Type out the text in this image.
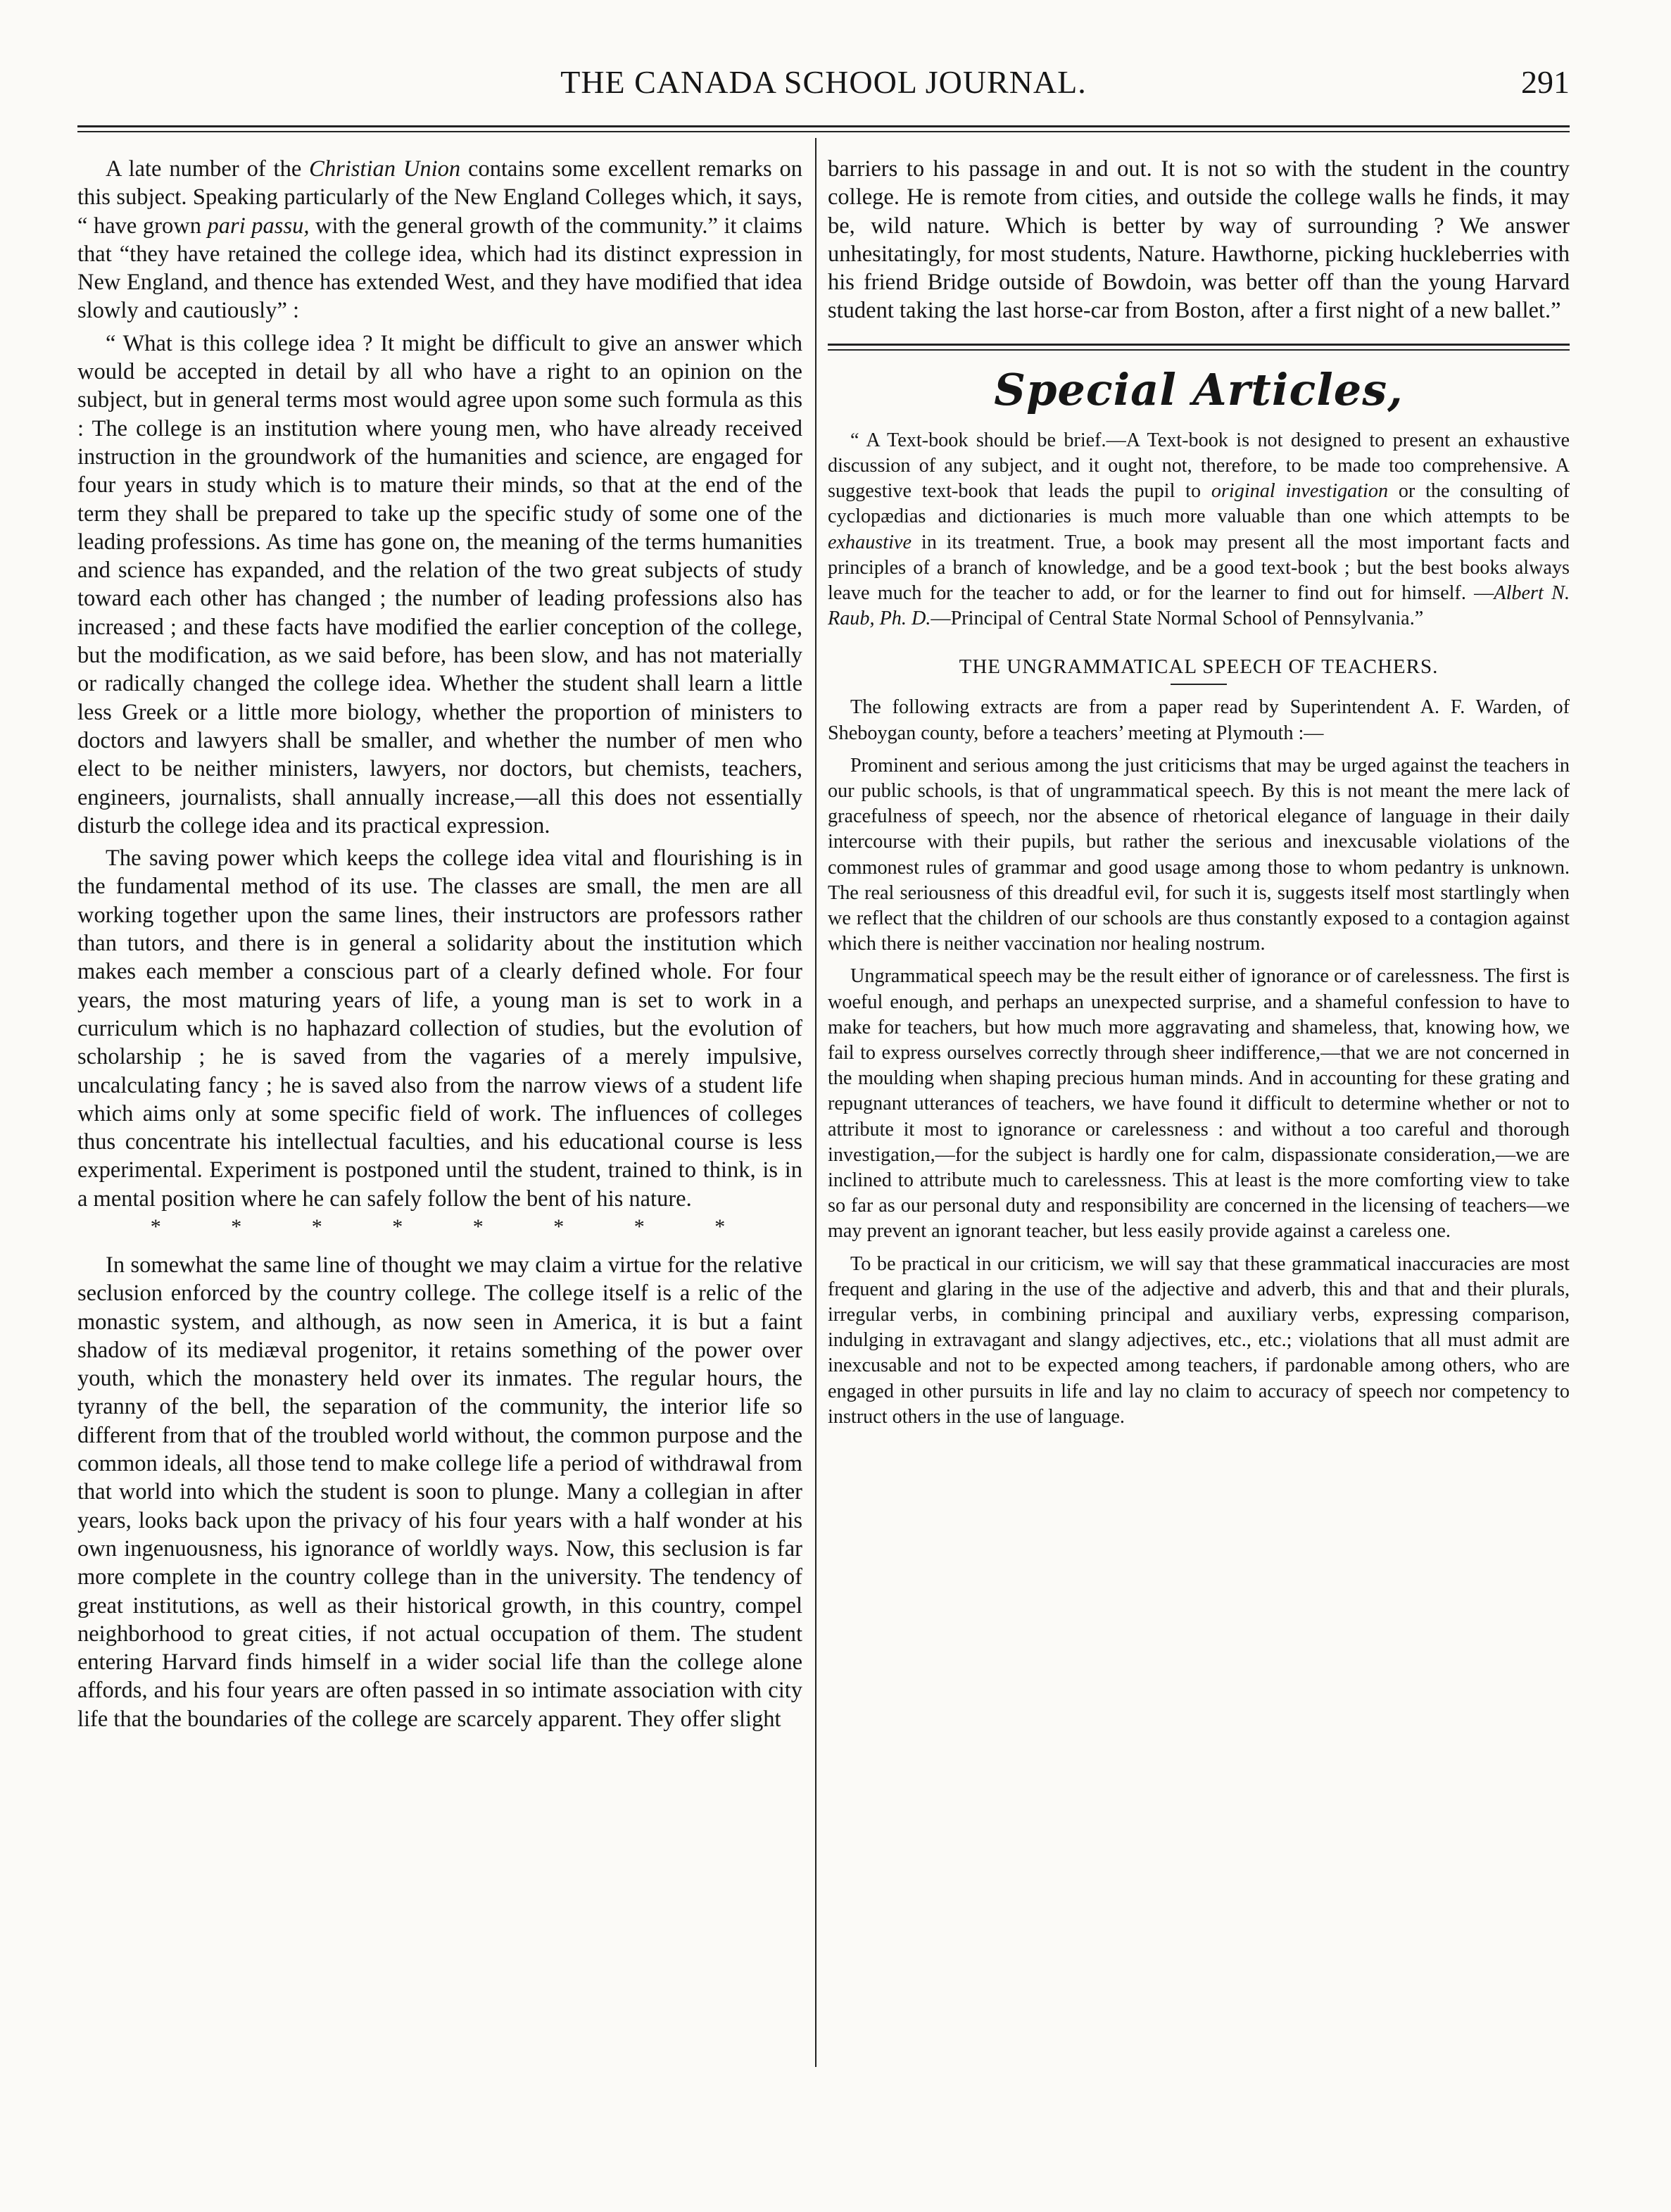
THE CANADA SCHOOL JOURNAL.	291

A late number of the Christian Union contains some excellent remarks on this subject. Speaking particularly of the New England Colleges which, it says, “ have grown pari passu, with the general growth of the community.” it claims that “they have retained the college idea, which had its distinct expression in New England, and thence has extended West, and they have modified that idea slowly and cautiously” :

“ What is this college idea ? It might be difficult to give an answer which would be accepted in detail by all who have a right to an opinion on the subject, but in general terms most would agree upon some such formula as this : The college is an institution where young men, who have already received instruction in the groundwork of the humanities and science, are engaged for four years in study which is to mature their minds, so that at the end of the term they shall be prepared to take up the specific study of some one of the leading professions. As time has gone on, the meaning of the terms humanities and science has expanded, and the relation of the two great subjects of study toward each other has changed ; the number of leading professions also has increased ; and these facts have modified the earlier conception of the college, but the modification, as we said before, has been slow, and has not materially or radically changed the college idea. Whether the student shall learn a little less Greek or a little more biology, whether the proportion of ministers to doctors and lawyers shall be smaller, and whether the number of men who elect to be neither ministers, lawyers, nor doctors, but chemists, teachers, engineers, journalists, shall annually increase,—all this does not essentially disturb the college idea and its practical expression.

The saving power which keeps the college idea vital and flourishing is in the fundamental method of its use. The classes are small, the men are all working together upon the same lines, their instructors are professors rather than tutors, and there is in general a solidarity about the institution which makes each member a conscious part of a clearly defined whole. For four years, the most maturing years of life, a young man is set to work in a curriculum which is no haphazard collection of studies, but the evolution of scholarship ; he is saved from the vagaries of a merely impulsive, uncalculating fancy ; he is saved also from the narrow views of a student life which aims only at some specific field of work. The influences of colleges thus concentrate his intellectual faculties, and his educational course is less experimental. Experiment is postponed until the student, trained to think, is in a mental position where he can safely follow the bent of his nature.

* * * * * * * *

In somewhat the same line of thought we may claim a virtue for the relative seclusion enforced by the country college. The college itself is a relic of the monastic system, and although, as now seen in America, it is but a faint shadow of its mediæval progenitor, it retains something of the power over youth, which the monastery held over its inmates. The regular hours, the tyranny of the bell, the separation of the community, the interior life so different from that of the troubled world without, the common purpose and the common ideals, all those tend to make college life a period of withdrawal from that world into which the student is soon to plunge. Many a collegian in after years, looks back upon the privacy of his four years with a half wonder at his own ingenuousness, his ignorance of worldly ways. Now, this seclusion is far more complete in the country college than in the university. The tendency of great institutions, as well as their historical growth, in this country, compel neighborhood to great cities, if not actual occupation of them. The student entering Harvard finds himself in a wider social life than the college alone affords, and his four years are often passed in so intimate association with city life that the boundaries of the college are scarcely apparent. They offer slight

barriers to his passage in and out. It is not so with the student in the country college. He is remote from cities, and outside the college walls he finds, it may be, wild nature. Which is better by way of surrounding ? We answer unhesitatingly, for most students, Nature. Hawthorne, picking huckleberries with his friend Bridge outside of Bowdoin, was better off than the young Harvard student taking the last horse-car from Boston, after a first night of a new ballet.”

Special Articles,

“ A Text-book should be brief.—A Text-book is not designed to present an exhaustive discussion of any subject, and it ought not, therefore, to be made too comprehensive. A suggestive text-book that leads the pupil to original investigation or the consulting of cyclopædias and dictionaries is much more valuable than one which attempts to be exhaustive in its treatment. True, a book may present all the most important facts and principles of a branch of knowledge, and be a good text-book ; but the best books always leave much for the teacher to add, or for the learner to find out for himself. —Albert N. Raub, Ph. D.—Principal of Central State Normal School of Pennsylvania.”

THE UNGRAMMATICAL SPEECH OF TEACHERS.

The following extracts are from a paper read by Superintendent A. F. Warden, of Sheboygan county, before a teachers’ meeting at Plymouth :—

Prominent and serious among the just criticisms that may be urged against the teachers in our public schools, is that of ungrammatical speech. By this is not meant the mere lack of gracefulness of speech, nor the absence of rhetorical elegance of language in their daily intercourse with their pupils, but rather the serious and inexcusable violations of the commonest rules of grammar and good usage among those to whom pedantry is unknown. The real seriousness of this dreadful evil, for such it is, suggests itself most startlingly when we reflect that the children of our schools are thus constantly exposed to a contagion against which there is neither vaccination nor healing nostrum.

Ungrammatical speech may be the result either of ignorance or of carelessness. The first is woeful enough, and perhaps an unexpected surprise, and a shameful confession to have to make for teachers, but how much more aggravating and shameless, that, knowing how, we fail to express ourselves correctly through sheer indifference,—that we are not concerned in the moulding when shaping precious human minds. And in accounting for these grating and repugnant utterances of teachers, we have found it difficult to determine whether or not to attribute it most to ignorance or carelessness : and without a too careful and thorough investigation,—for the subject is hardly one for calm, dispassionate consideration,—we are inclined to attribute much to carelessness. This at least is the more comforting view to take so far as our personal duty and responsibility are concerned in the licensing of teachers—we may prevent an ignorant teacher, but less easily provide against a careless one.

To be practical in our criticism, we will say that these grammatical inaccuracies are most frequent and glaring in the use of the adjective and adverb, this and that and their plurals, irregular verbs, in combining principal and auxiliary verbs, expressing comparison, indulging in extravagant and slangy adjectives, etc., etc.; violations that all must admit are inexcusable and not to be expected among teachers, if pardonable among others, who are engaged in other pursuits in life and lay no claim to accuracy of speech nor competency to instruct others in the use of language.
